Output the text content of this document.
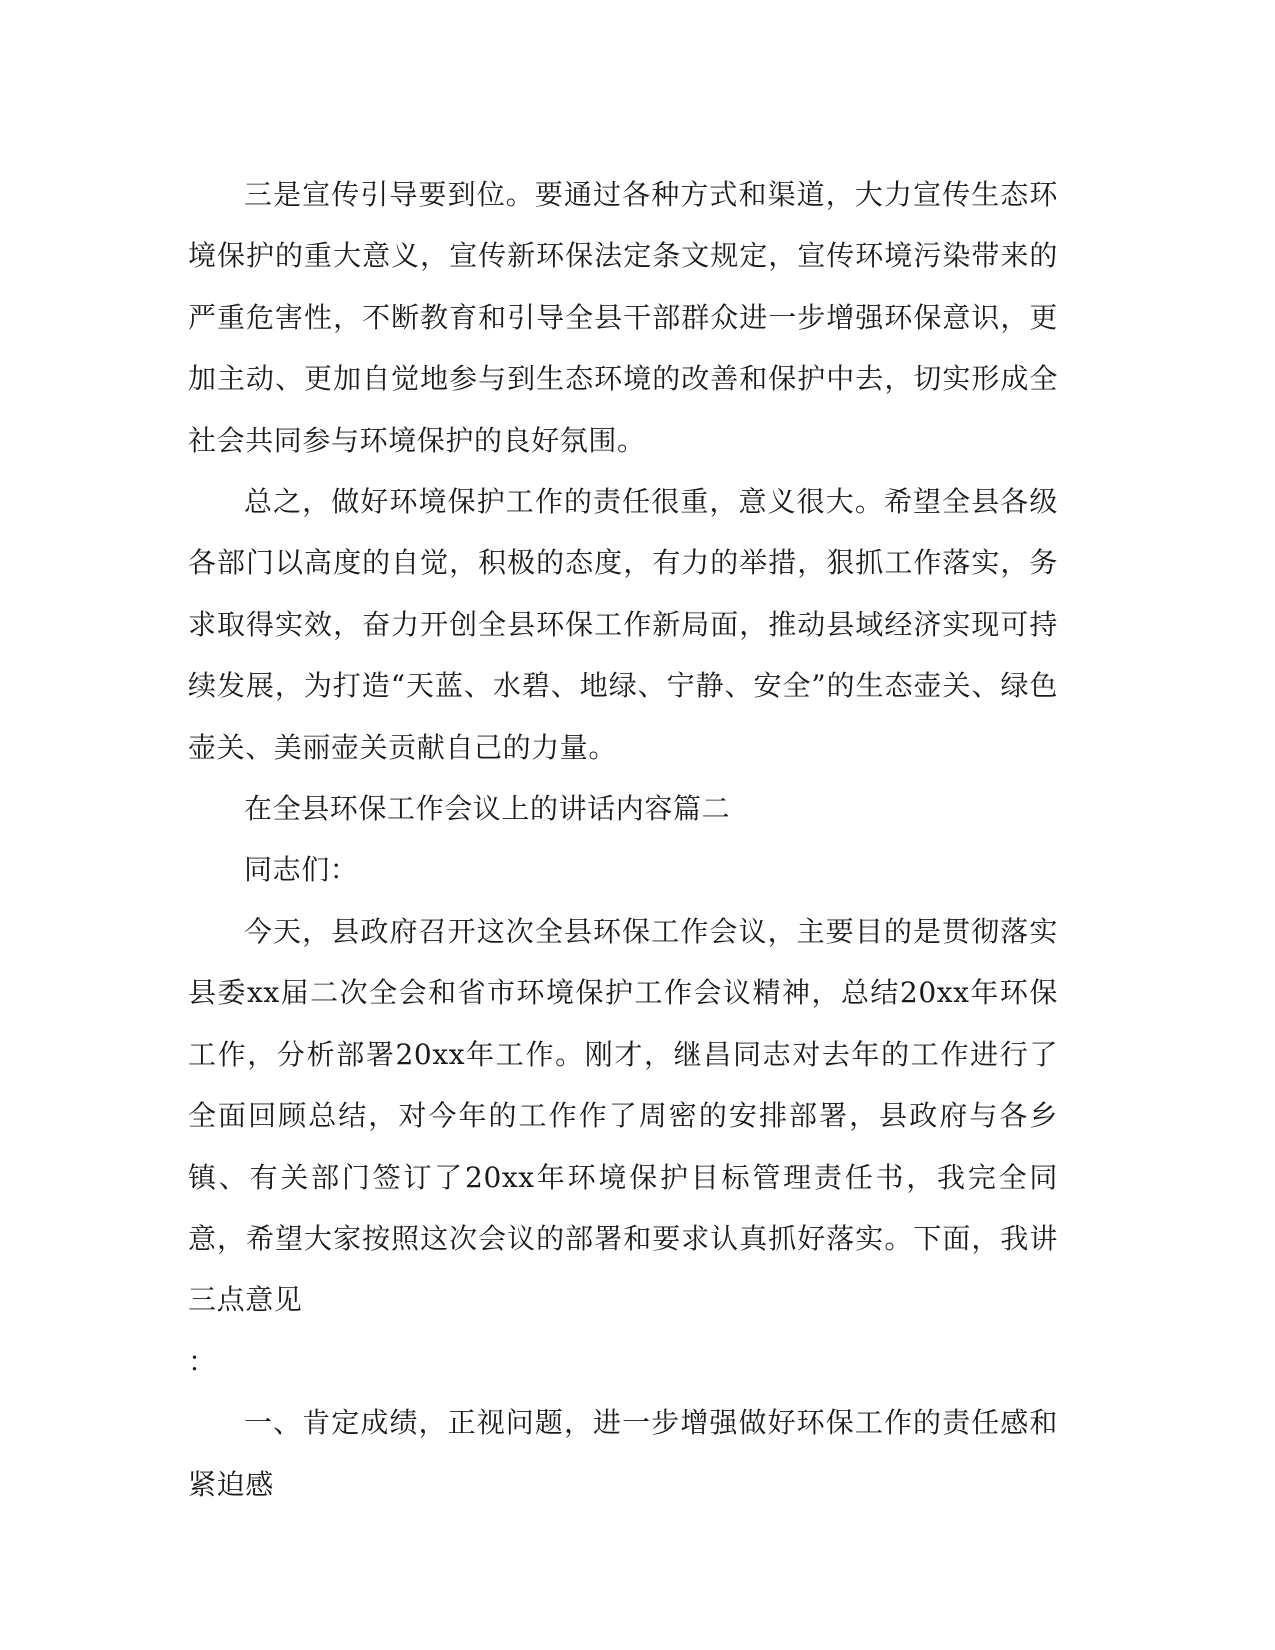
三是宣传引导要到位。要通过各种方式和渠道，大力宣传生态环境保护的重大意义，宣传新环保法定条文规定，宣传环境污染带来的严重危害性，不断教育和引导全县干部群众进一步增强环保意识，更加主动、更加自觉地参与到生态环境的改善和保护中去，切实形成全社会共同参与环境保护的良好氛围。

总之，做好环境保护工作的责任很重，意义很大。希望全县各级各部门以高度的自觉，积极的态度，有力的举措，狠抓工作落实，务求取得实效，奋力开创全县环保工作新局面，推动县域经济实现可持续发展，为打造“天蓝、水碧、地绿、宁静、安全”的生态壶关、绿色壶关、美丽壶关贡献自己的力量。

在全县环保工作会议上的讲话内容篇二

同志们：

今天，县政府召开这次全县环保工作会议，主要目的是贯彻落实县委xx届二次全会和省市环境保护工作会议精神，总结20xx年环保工作，分析部署20xx年工作。刚才，继昌同志对去年的工作进行了全面回顾总结，对今年的工作作了周密的安排部署，县政府与各乡镇、有关部门签订了20xx年环境保护目标管理责任书，我完全同意，希望大家按照这次会议的部署和要求认真抓好落实。下面，我讲三点意见

：

一、肯定成绩，正视问题，进一步增强做好环保工作的责任感和紧迫感
